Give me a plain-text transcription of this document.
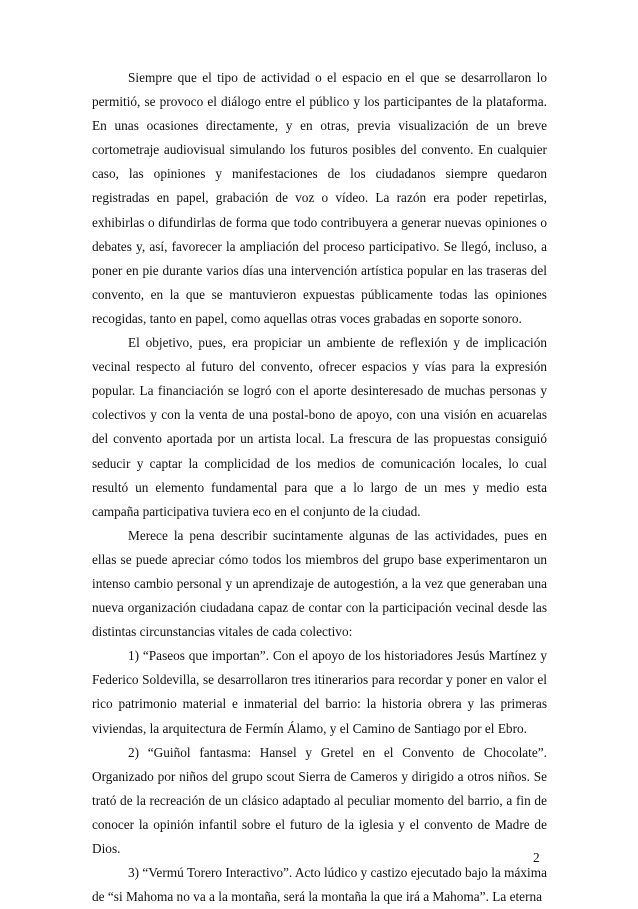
Siempre que el tipo de actividad o el espacio en el que se desarrollaron lo permitió, se provoco el diálogo entre el público y los participantes de la plataforma. En unas ocasiones directamente, y en otras, previa visualización de un breve cortometraje audiovisual simulando los futuros posibles del convento. En cualquier caso, las opiniones y manifestaciones de los ciudadanos siempre quedaron registradas en papel, grabación de voz o vídeo. La razón era poder repetirlas, exhibirlas o difundirlas de forma que todo contribuyera a generar nuevas opiniones o debates y, así, favorecer la ampliación del proceso participativo. Se llegó, incluso, a poner en pie durante varios días una intervención artística popular en las traseras del convento, en la que se mantuvieron expuestas públicamente todas las opiniones recogidas, tanto en papel, como aquellas otras voces grabadas en soporte sonoro.

El objetivo, pues, era propiciar un ambiente de reflexión y de implicación vecinal respecto al futuro del convento, ofrecer espacios y vías para la expresión popular. La financiación se logró con el aporte desinteresado de muchas personas y colectivos y con la venta de una postal-bono de apoyo, con una visión en acuarelas del convento aportada por un artista local. La frescura de las propuestas consiguió seducir y captar la complicidad de los medios de comunicación locales, lo cual resultó un elemento fundamental para que a lo largo de un mes y medio esta campaña participativa tuviera eco en el conjunto de la ciudad.

Merece la pena describir sucintamente algunas de las actividades, pues en ellas se puede apreciar cómo todos los miembros del grupo base experimentaron un intenso cambio personal y un aprendizaje de autogestión, a la vez que generaban una nueva organización ciudadana capaz de contar con la participación vecinal desde las distintas circunstancias vitales de cada colectivo:

1) “Paseos que importan”. Con el apoyo de los historiadores Jesús Martínez y Federico Soldevilla, se desarrollaron tres itinerarios para recordar y poner en valor el rico patrimonio material e inmaterial del barrio: la historia obrera y las primeras viviendas, la arquitectura de Fermín Álamo, y el Camino de Santiago por el Ebro.

2) “Guiñol fantasma: Hansel y Gretel en el Convento de Chocolate”. Organizado por niños del grupo scout Sierra de Cameros y dirigido a otros niños. Se trató de la recreación de un clásico adaptado al peculiar momento del barrio, a fin de conocer la opinión infantil sobre el futuro de la iglesia y el convento de Madre de Dios.

3) “Vermú Torero Interactivo”. Acto lúdico y castizo ejecutado bajo la máxima de “si Mahoma no va a la montaña, será la montaña la que irá a Mahoma”. La eterna

2
